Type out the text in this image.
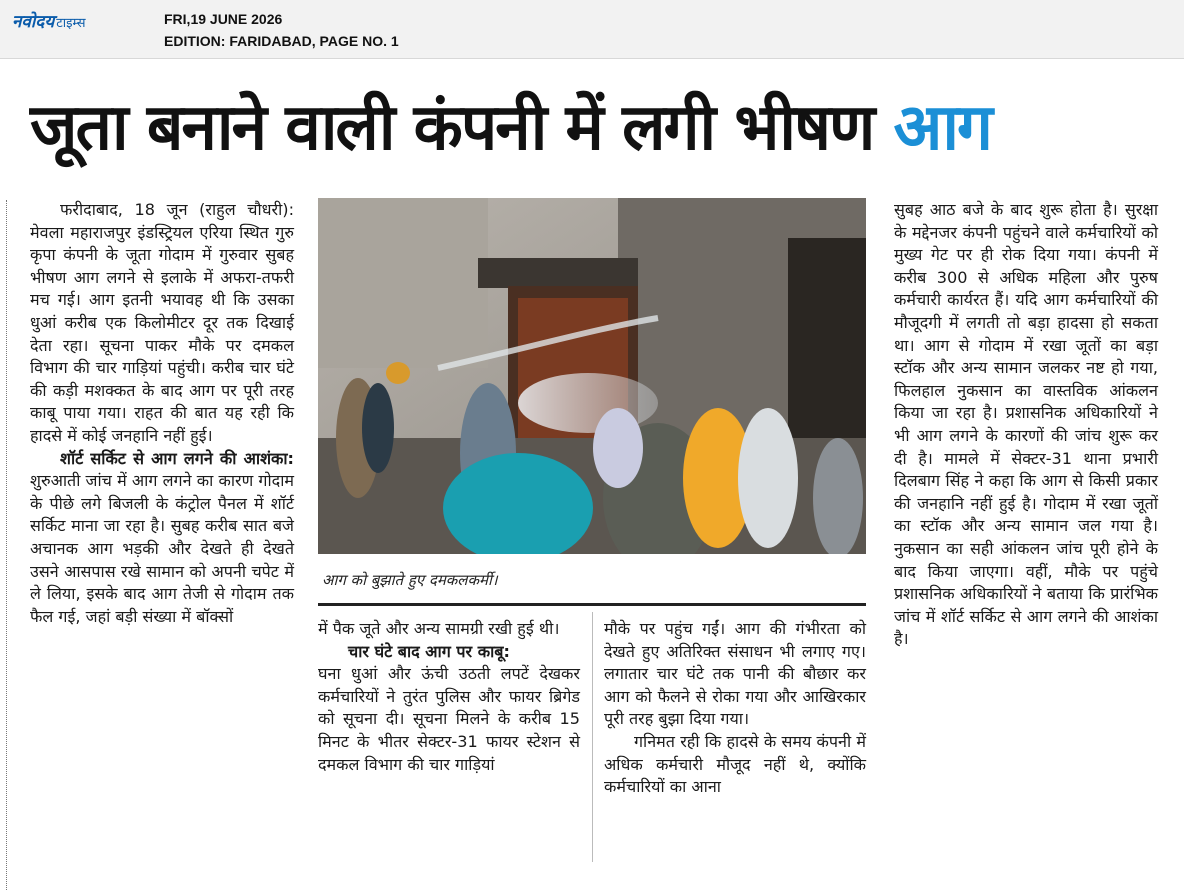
नवोदय टाइम्स	FRI,19 JUNE 2026
EDITION: FARIDABAD, PAGE NO. 1
जूता बनाने वाली कंपनी में लगी भीषण आग

फरीदाबाद, 18 जून (राहुल चौधरी): मेवला महाराजपुर इंडस्ट्रियल एरिया स्थित गुरु कृपा कंपनी के जूता गोदाम में गुरुवार सुबह भीषण आग लगने से इलाके में अफरा-तफरी मच गई। आग इतनी भयावह थी कि उसका धुआं करीब एक किलोमीटर दूर तक दिखाई देता रहा। सूचना पाकर मौके पर दमकल विभाग की चार गाड़ियां पहुंची। करीब चार घंटे की कड़ी मशक्कत के बाद आग पर पूरी तरह काबू पाया गया। राहत की बात यह रही कि हादसे में कोई जनहानि नहीं हुई।

शॉर्ट सर्किट से आग लगने की आशंका: शुरुआती जांच में आग लगने का कारण गोदाम के पीछे लगे बिजली के कंट्रोल पैनल में शॉर्ट सर्किट माना जा रहा है। सुबह करीब सात बजे अचानक आग भड़की और देखते ही देखते उसने आसपास रखे सामान को अपनी चपेट में ले लिया, इसके बाद आग तेजी से गोदाम तक फैल गई, जहां बड़ी संख्या में बॉक्सों

आग को बुझाते हुए दमकलकर्मी।

में पैक जूते और अन्य सामग्री रखी हुई थी।

चार घंटे बाद आग पर काबू:

घना धुआं और ऊंची उठती लपटें देखकर कर्मचारियों ने तुरंत पुलिस और फायर ब्रिगेड को सूचना दी। सूचना मिलने के करीब 15 मिनट के भीतर सेक्टर-31 फायर स्टेशन से दमकल विभाग की चार गाड़ियां

मौके पर पहुंच गईं। आग की गंभीरता को देखते हुए अतिरिक्त संसाधन भी लगाए गए। लगातार चार घंटे तक पानी की बौछार कर आग को फैलने से रोका गया और आखिरकार पूरी तरह बुझा दिया गया।

गनिमत रही कि हादसे के समय कंपनी में अधिक कर्मचारी मौजूद नहीं थे, क्योंकि कर्मचारियों का आना

सुबह आठ बजे के बाद शुरू होता है। सुरक्षा के मद्देनजर कंपनी पहुंचने वाले कर्मचारियों को मुख्य गेट पर ही रोक दिया गया। कंपनी में करीब 300 से अधिक महिला और पुरुष कर्मचारी कार्यरत हैं। यदि आग कर्मचारियों की मौजूदगी में लगती तो बड़ा हादसा हो सकता था। आग से गोदाम में रखा जूतों का बड़ा स्टॉक और अन्य सामान जलकर नष्ट हो गया, फिलहाल नुकसान का वास्तविक आंकलन किया जा रहा है। प्रशासनिक अधिकारियों ने भी आग लगने के कारणों की जांच शुरू कर दी है। मामले में सेक्टर-31 थाना प्रभारी दिलबाग सिंह ने कहा कि आग से किसी प्रकार की जनहानि नहीं हुई है। गोदाम में रखा जूतों का स्टॉक और अन्य सामान जल गया है। नुकसान का सही आंकलन जांच पूरी होने के बाद किया जाएगा। वहीं, मौके पर पहुंचे प्रशासनिक अधिकारियों ने बताया कि प्रारंभिक जांच में शॉर्ट सर्किट से आग लगने की आशंका है।
